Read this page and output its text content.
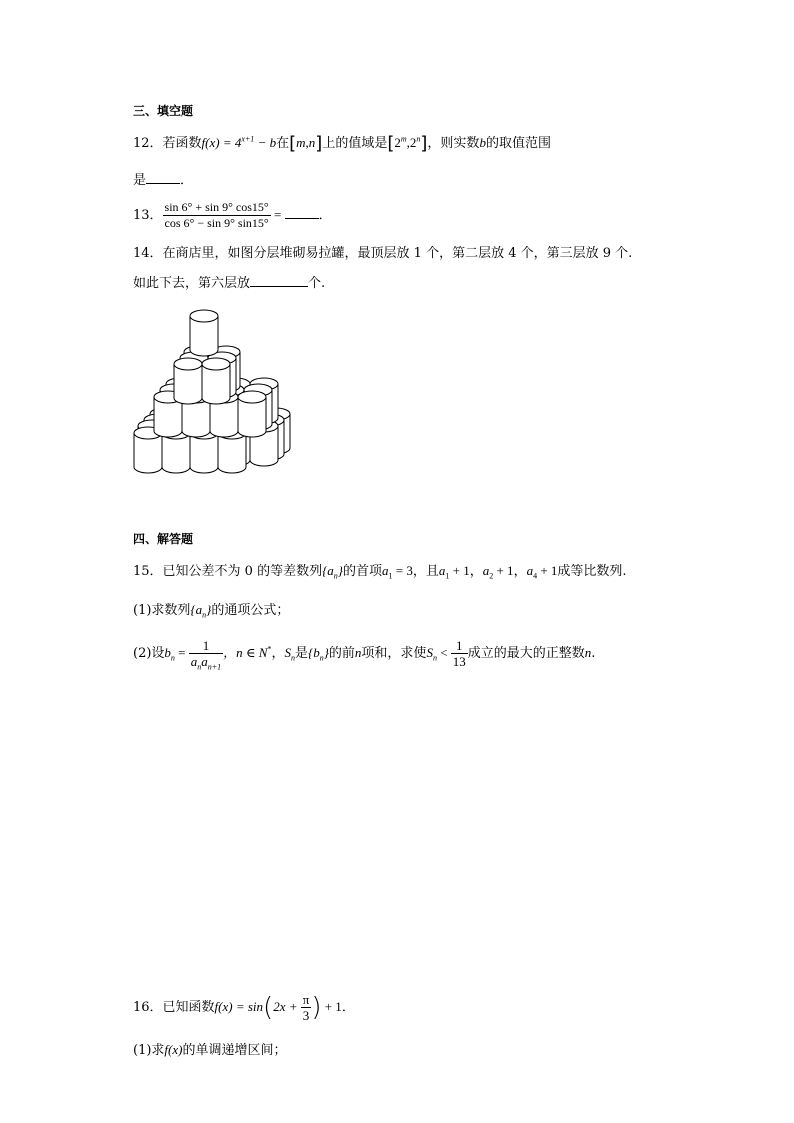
三、填空题
12．若函数$f(x) = 4^{x+1} - b$在[m,n]上的值域是[2$^m$,2$^n$]，则实数b的取值范围
是	．
13． $\frac{\sin 6^\circ + \sin 9^\circ \cos 15^\circ}{\cos 6^\circ - \sin 9^\circ \sin 15^\circ}$ =	．
14．在商店里，如图分层堆砌易拉罐，最顶层放 1 个，第二层放 4 个，第三层放 9 个.
如此下去，第六层放	个.
四、解答题
15．已知公差不为 0 的等差数列$\{a_n\}$的首项$a_1 = 3$，且$a_1 + 1$，$a_2 + 1$，$a_4 + 1$成等比数列.
(1)求数列$\{a_n\}$的通项公式；
(2)设$b_n = \frac{1}{a_na_{n+1}}$ ，n ∈ N*，$S_n$是$\{b_n\}$的前n项和，求使$S_n < \frac{1}{13}$ 成立的最大的正整数n.
16．已知函数$f(x) = \sin(2x + \frac{\pi}{3}$ ) + 1．
(1)求f(x)的单调递增区间；
